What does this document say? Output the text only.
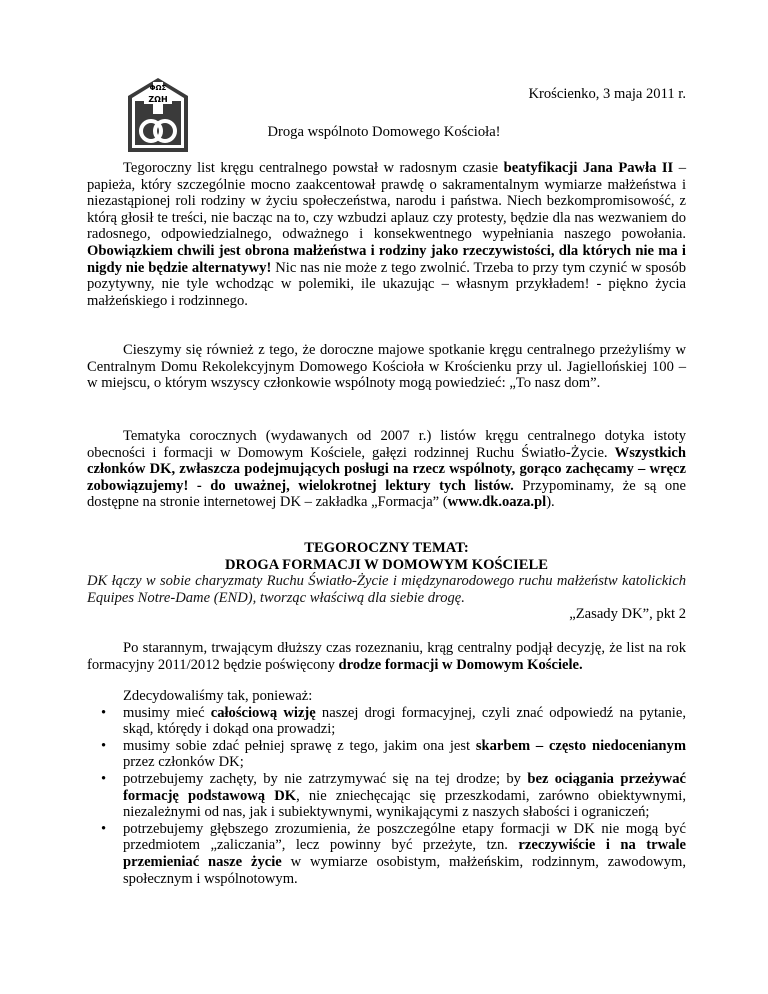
ΦΩΣ
ΖΩΗ	Krościenko, 3 maja 2011 r.
Droga wspólnoto Domowego Kościoła!

Tegoroczny list kręgu centralnego powstał w radosnym czasie beatyfikacji Jana Pawła II – papieża, który szczególnie mocno zaakcentował prawdę o sakramentalnym wymiarze małżeństwa i niezastąpionej roli rodziny w życiu społeczeństwa, narodu i państwa. Niech bezkompromisowość, z którą głosił te treści, nie bacząc na to, czy wzbudzi aplauz czy protesty, będzie dla nas wezwaniem do radosnego, odpowiedzialnego, odważnego i konsekwentnego wypełniania naszego powołania. Obowiązkiem chwili jest obrona małżeństwa i rodziny jako rzeczywistości, dla których nie ma i nigdy nie będzie alternatywy! Nic nas nie może z tego zwolnić. Trzeba to przy tym czynić w sposób pozytywny, nie tyle wchodząc w polemiki, ile ukazując – własnym przykładem! - piękno życia małżeńskiego i rodzinnego.

Cieszymy się również z tego, że doroczne majowe spotkanie kręgu centralnego przeżyliśmy w Centralnym Domu Rekolekcyjnym Domowego Kościoła w Krościenku przy ul. Jagiellońskiej 100 – w miejscu, o którym wszyscy członkowie wspólnoty mogą powiedzieć: „To nasz dom”.

Tematyka corocznych (wydawanych od 2007 r.) listów kręgu centralnego dotyka istoty obecności i formacji w Domowym Kościele, gałęzi rodzinnej Ruchu Światło-Życie. Wszystkich członków DK, zwłaszcza podejmujących posługi na rzecz wspólnoty, gorąco zachęcamy – wręcz zobowiązujemy! - do uważnej, wielokrotnej lektury tych listów. Przypominamy, że są one dostępne na stronie internetowej DK – zakładka „Formacja” (www.dk.oaza.pl).

TEGOROCZNY TEMAT:
DROGA FORMACJI W DOMOWYM KOŚCIELE
DK łączy w sobie charyzmaty Ruchu Światło-Życie i międzynarodowego ruchu małżeństw katolickich Equipes Notre-Dame (END), tworząc właściwą dla siebie drogę.
„Zasady DK”, pkt 2

Po starannym, trwającym dłuższy czas rozeznaniu, krąg centralny podjął decyzję, że list na rok formacyjny 2011/2012 będzie poświęcony drodze formacji w Domowym Kościele.

Zdecydowaliśmy tak, ponieważ:
• musimy mieć całościową wizję naszej drogi formacyjnej, czyli znać odpowiedź na pytanie, skąd, którędy i dokąd ona prowadzi;
• musimy sobie zdać pełniej sprawę z tego, jakim ona jest skarbem – często niedocenianym przez członków DK;
• potrzebujemy zachęty, by nie zatrzymywać się na tej drodze; by bez ociągania przeżywać formację podstawową DK, nie zniechęcając się przeszkodami, zarówno obiektywnymi, niezależnymi od nas, jak i subiektywnymi, wynikającymi z naszych słabości i ograniczeń;
• potrzebujemy głębszego zrozumienia, że poszczególne etapy formacji w DK nie mogą być przedmiotem „zaliczania”, lecz powinny być przeżyte, tzn. rzeczywiście i na trwale przemieniać nasze życie w wymiarze osobistym, małżeńskim, rodzinnym, zawodowym, społecznym i wspólnotowym.
